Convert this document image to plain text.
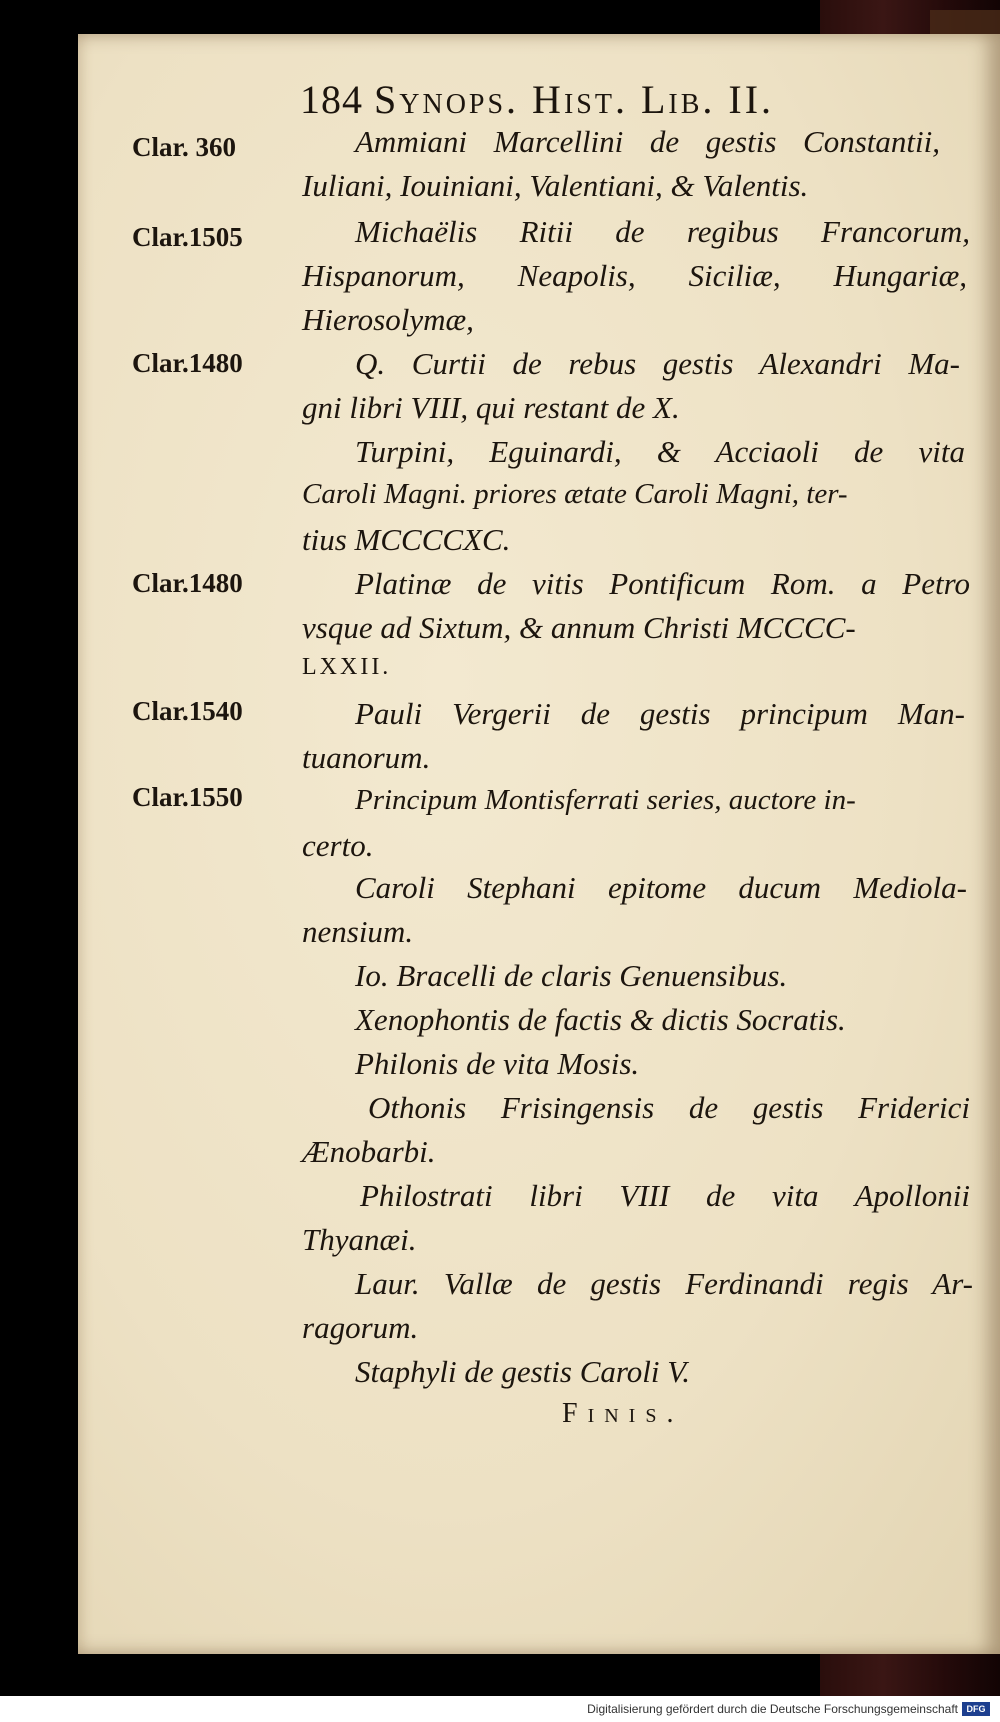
184 Synops. Hist. Lib. II.
Clar. 360
Clar.1505
Clar.1480
Clar.1480
Clar.1540
Clar.1550
Ammiani Marcellini de gestis Constantii,
Iuliani, Iouiniani, Valentiani, & Valentis.
Michaëlis Ritii de regibus Francorum,
Hispanorum, Neapolis, Siciliæ, Hungariæ,
Hierosolymæ,
Q. Curtii de rebus gestis Alexandri Ma-
gni libri VIII, qui restant de X.
Turpini, Eguinardi, & Acciaoli de vita
Caroli Magni. priores ætate Caroli Magni, ter-
tius MCCCCXC.
Platinæ de vitis Pontificum Rom. a Petro
vsque ad Sixtum, & annum Christi MCCCC-
LXXII.
Pauli Vergerii de gestis principum Man-
tuanorum.
Principum Montisferrati series, auctore in-
certo.
Caroli Stephani epitome ducum Mediola-
nensium.
Io. Bracelli de claris Genuensibus.
Xenophontis de factis & dictis Socratis.
Philonis de vita Mosis.
Othonis Frisingensis de gestis Friderici
Ænobarbi.
Philostrati libri VIII de vita Apollonii
Thyanæi.
Laur. Vallæ de gestis Ferdinandi regis Ar-
ragorum.
Staphyli de gestis Caroli V.
Finis.
Digitalisierung gefördert durch die Deutsche Forschungsgemeinschaft DFG
